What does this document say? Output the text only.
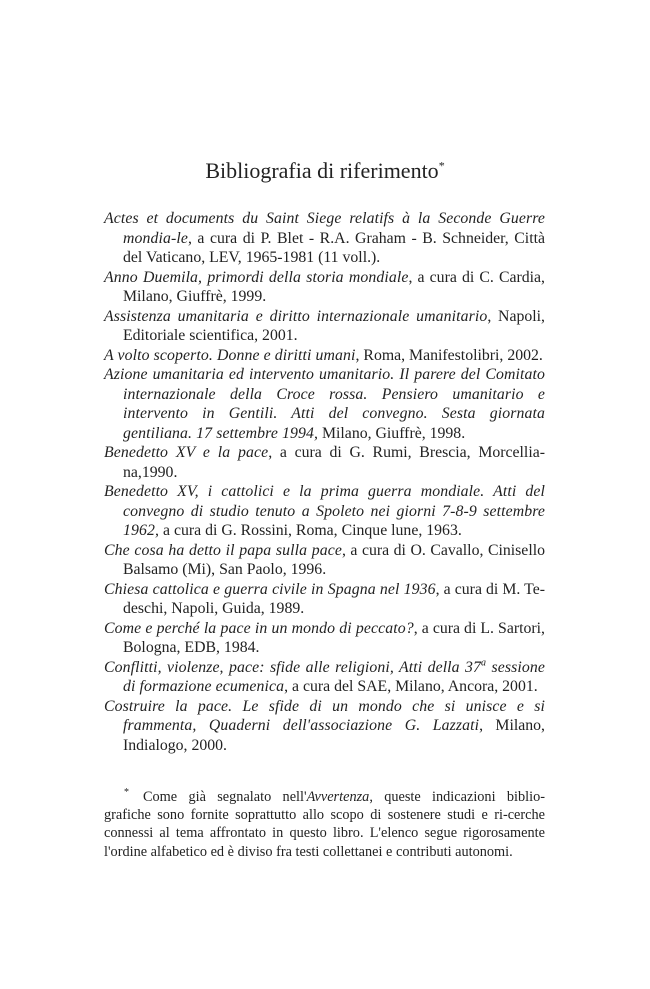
Bibliografia di riferimento*

Actes et documents du Saint Siege relatifs à la Seconde Guerre mondia-le, a cura di P. Blet - R.A. Graham - B. Schneider, Città del Vaticano, LEV, 1965-1981 (11 voll.).

Anno Duemila, primordi della storia mondiale, a cura di C. Cardia, Milano, Giuffrè, 1999.

Assistenza umanitaria e diritto internazionale umanitario, Napoli, Editoriale scientifica, 2001.

A volto scoperto. Donne e diritti umani, Roma, Manifestolibri, 2002.

Azione umanitaria ed intervento umanitario. Il parere del Comitato internazionale della Croce rossa. Pensiero umanitario e intervento in Gentili. Atti del convegno. Sesta giornata gentiliana. 17 settembre 1994, Milano, Giuffrè, 1998.

Benedetto XV e la pace, a cura di G. Rumi, Brescia, Morcellia-na,1990.

Benedetto XV, i cattolici e la prima guerra mondiale. Atti del convegno di studio tenuto a Spoleto nei giorni 7-8-9 settembre 1962, a cura di G. Rossini, Roma, Cinque lune, 1963.

Che cosa ha detto il papa sulla pace, a cura di O. Cavallo, Cinisello Balsamo (Mi), San Paolo, 1996.

Chiesa cattolica e guerra civile in Spagna nel 1936, a cura di M. Te-deschi, Napoli, Guida, 1989.

Come e perché la pace in un mondo di peccato?, a cura di L. Sartori, Bologna, EDB, 1984.

Conflitti, violenze, pace: sfide alle religioni, Atti della 37$^a$ sessione di formazione ecumenica, a cura del SAE, Milano, Ancora, 2001.

Costruire la pace. Le sfide di un mondo che si unisce e si frammenta, Quaderni dell'associazione G. Lazzati, Milano, Indialogo, 2000.

* Come già segnalato nell'Avvertenza, queste indicazioni biblio-grafiche sono fornite soprattutto allo scopo di sostenere studi e ri-cerche connessi al tema affrontato in questo libro. L'elenco segue rigorosamente l'ordine alfabetico ed è diviso fra testi collettanei e contributi autonomi.
